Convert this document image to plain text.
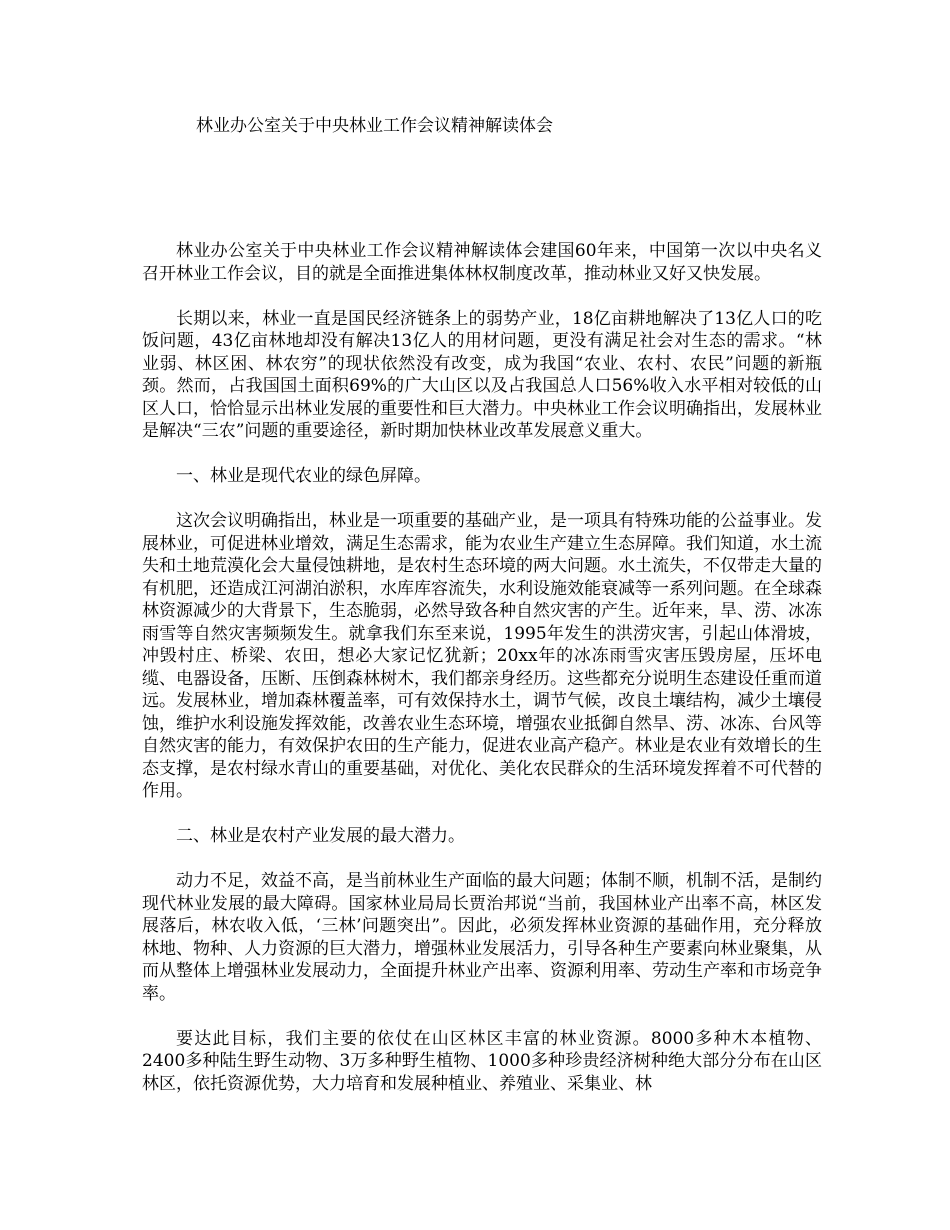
林业办公室关于中央林业工作会议精神解读体会

林业办公室关于中央林业工作会议精神解读体会建国60年来，中国第一次以中央名义召开林业工作会议，目的就是全面推进集体林权制度改革，推动林业又好又快发展。

长期以来，林业一直是国民经济链条上的弱势产业，18亿亩耕地解决了13亿人口的吃饭问题，43亿亩林地却没有解决13亿人的用材问题，更没有满足社会对生态的需求。“林业弱、林区困、林农穷”的现状依然没有改变，成为我国“农业、农村、农民”问题的新瓶颈。然而，占我国国土面积69%的广大山区以及占我国总人口56%收入水平相对较低的山区人口，恰恰显示出林业发展的重要性和巨大潜力。中央林业工作会议明确指出，发展林业是解决“三农”问题的重要途径，新时期加快林业改革发展意义重大。

一、林业是现代农业的绿色屏障。

这次会议明确指出，林业是一项重要的基础产业，是一项具有特殊功能的公益事业。发展林业，可促进林业增效，满足生态需求，能为农业生产建立生态屏障。我们知道，水土流失和土地荒漠化会大量侵蚀耕地，是农村生态环境的两大问题。水土流失，不仅带走大量的有机肥，还造成江河湖泊淤积，水库库容流失，水利设施效能衰减等一系列问题。在全球森林资源减少的大背景下，生态脆弱，必然导致各种自然灾害的产生。近年来，旱、涝、冰冻雨雪等自然灾害频频发生。就拿我们东至来说，1995年发生的洪涝灾害，引起山体滑坡，冲毁村庄、桥梁、农田，想必大家记忆犹新；20xx年的冰冻雨雪灾害压毁房屋，压坏电缆、电器设备，压断、压倒森林树木，我们都亲身经历。这些都充分说明生态建设任重而道远。发展林业，增加森林覆盖率，可有效保持水土，调节气候，改良土壤结构，减少土壤侵蚀，维护水利设施发挥效能，改善农业生态环境，增强农业抵御自然旱、涝、冰冻、台风等自然灾害的能力，有效保护农田的生产能力，促进农业高产稳产。林业是农业有效增长的生态支撑，是农村绿水青山的重要基础，对优化、美化农民群众的生活环境发挥着不可代替的作用。

二、林业是农村产业发展的最大潜力。

动力不足，效益不高，是当前林业生产面临的最大问题；体制不顺，机制不活，是制约现代林业发展的最大障碍。国家林业局局长贾治邦说“当前，我国林业产出率不高，林区发展落后，林农收入低，‘三林’问题突出”。因此，必须发挥林业资源的基础作用，充分释放林地、物种、人力资源的巨大潜力，增强林业发展活力，引导各种生产要素向林业聚集，从而从整体上增强林业发展动力，全面提升林业产出率、资源利用率、劳动生产率和市场竞争率。

要达此目标，我们主要的依仗在山区林区丰富的林业资源。8000多种木本植物、2400多种陆生野生动物、3万多种野生植物、1000多种珍贵经济树种绝大部分分布在山区林区，依托资源优势，大力培育和发展种植业、养殖业、采集业、林
